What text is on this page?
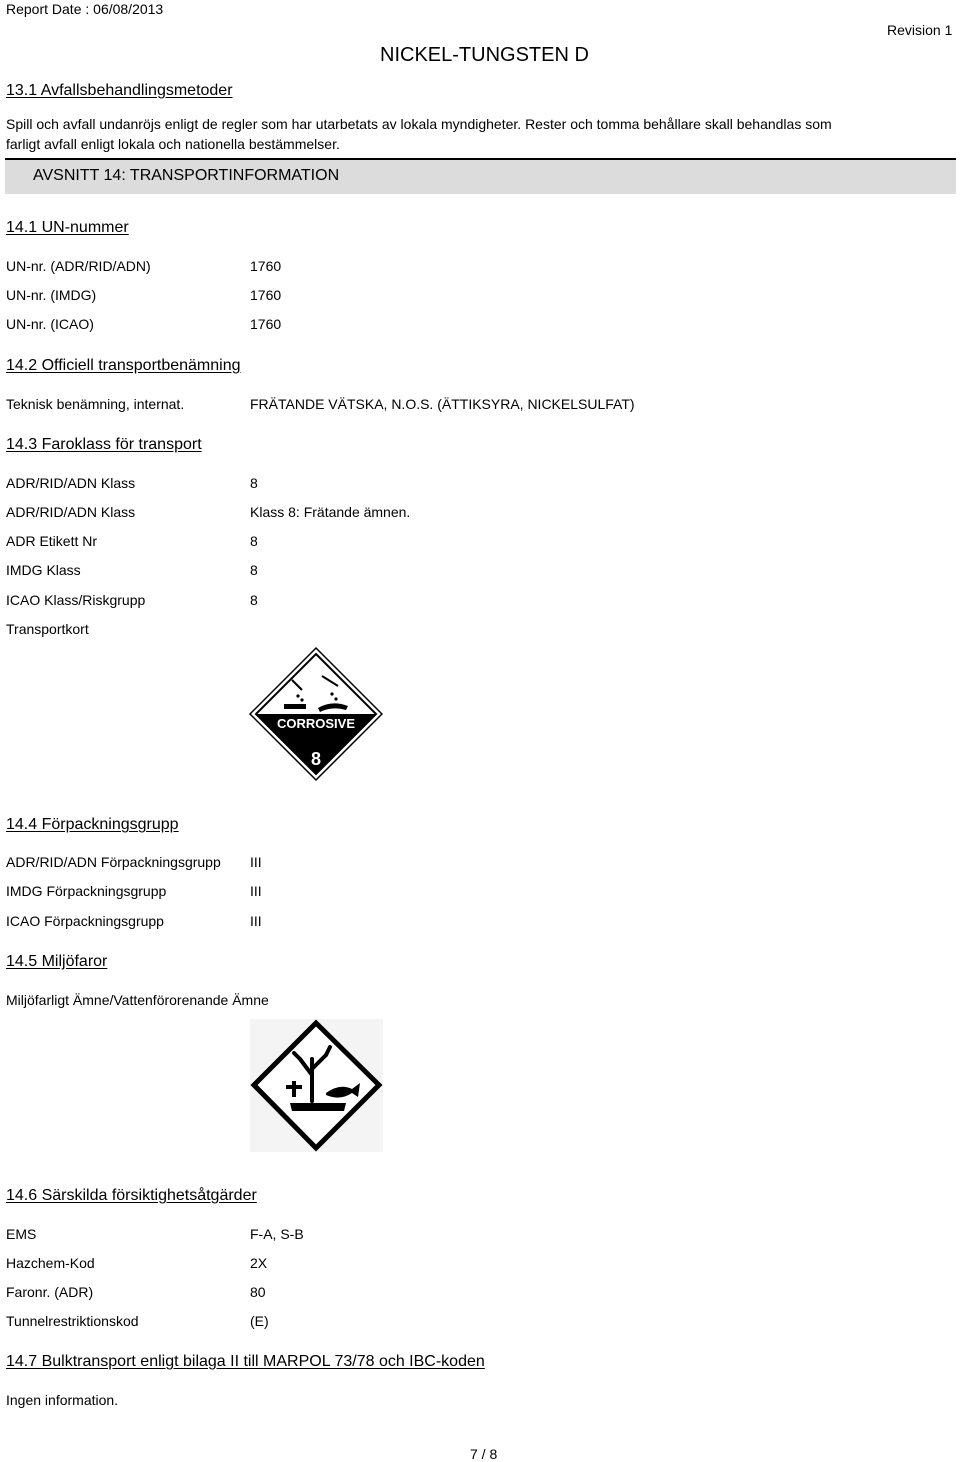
Report Date : 06/08/2013
NICKEL-TUNGSTEN D
Revision 1
13.1 Avfallsbehandlingsmetoder
Spill och avfall undanröjs enligt de regler som har utarbetats av lokala myndigheter. Rester och tomma behållare skall behandlas som
farligt avfall enligt lokala och nationella bestämmelser.
AVSNITT 14: TRANSPORTINFORMATION
14.1 UN-nummer
UN-nr. (ADR/RID/ADN)	1760
UN-nr. (IMDG)	1760
UN-nr. (ICAO)	1760
14.2 Officiell transportbenämning
Teknisk benämning, internat.	FRÄTANDE VÄTSKA, N.O.S. (ÄTTIKSYRA, NICKELSULFAT)
14.3 Faroklass för transport
ADR/RID/ADN Klass	8
ADR/RID/ADN Klass	Klass 8: Frätande ämnen.
ADR Etikett Nr	8
IMDG Klass	8
ICAO Klass/Riskgrupp	8
Transportkort
CORROSIVE
8
14.4 Förpackningsgrupp
ADR/RID/ADN Förpackningsgrupp III
IMDG Förpackningsgrupp	III
ICAO Förpackningsgrupp	III
14.5 Miljöfaror
Miljöfarligt Ämne/Vattenförorenande Ämne
14.6 Särskilda försiktighetsåtgärder
EMS	F-A, S-B
Hazchem-Kod	2X
Faronr. (ADR)	80
Tunnelrestriktionskod	(E)
14.7 Bulktransport enligt bilaga II till MARPOL 73/78 och IBC-koden
Ingen information.
7 / 8
